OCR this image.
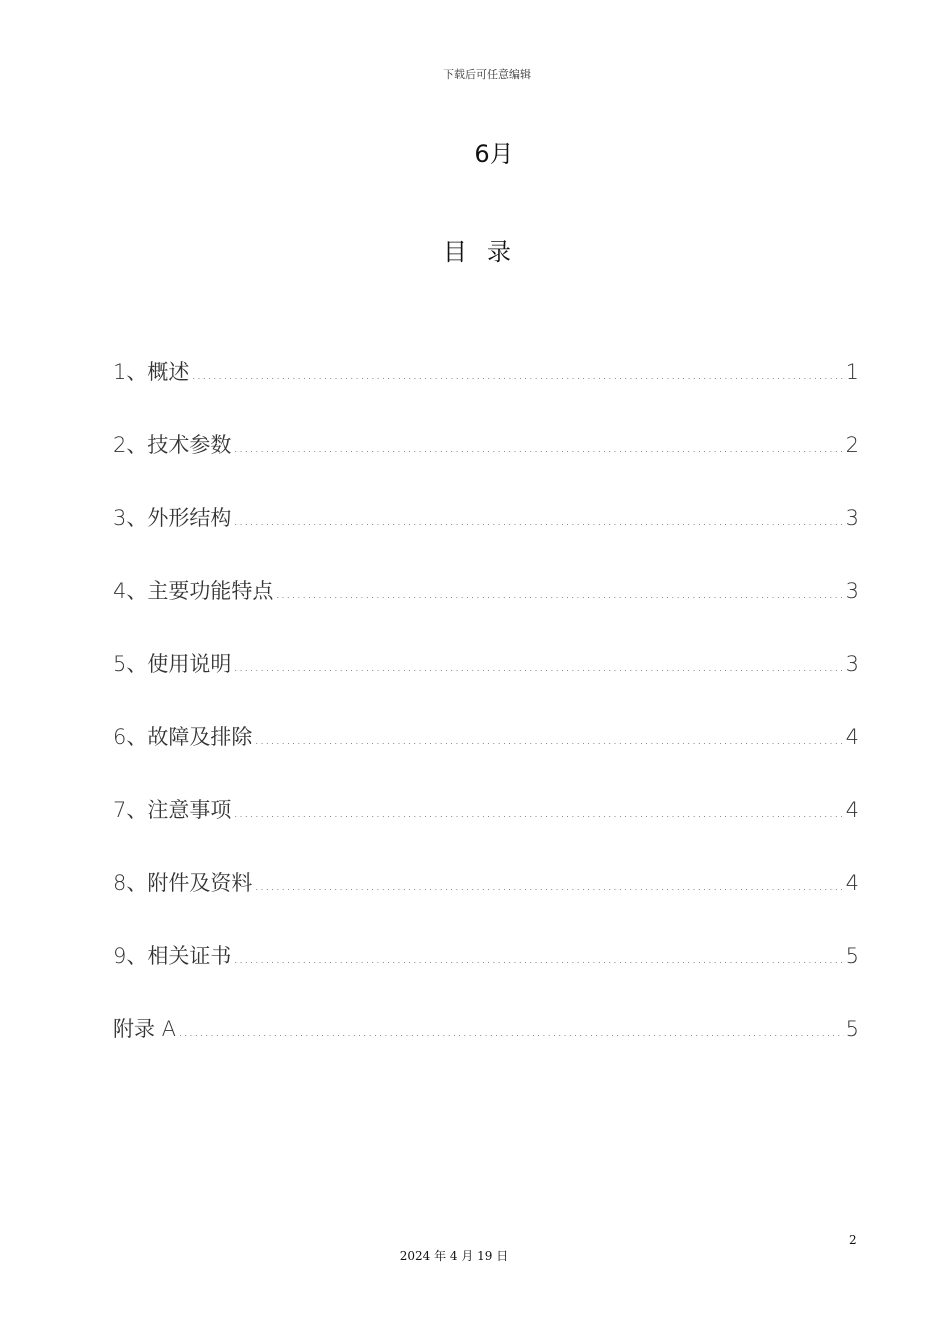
下载后可任意编辑
6月
目录
1、概述 .....	1
2、技术参数 .....	2
3、外形结构 .....	3
4、主要功能特点 .....	3
5、使用说明 .....	3
6、故障及排除 .....	4
7、注意事项 .....	4
8、附件及资料 .....	4
9、相关证书 .....	5
附录 A .....	5
2
2024 年 4 月 19 日
